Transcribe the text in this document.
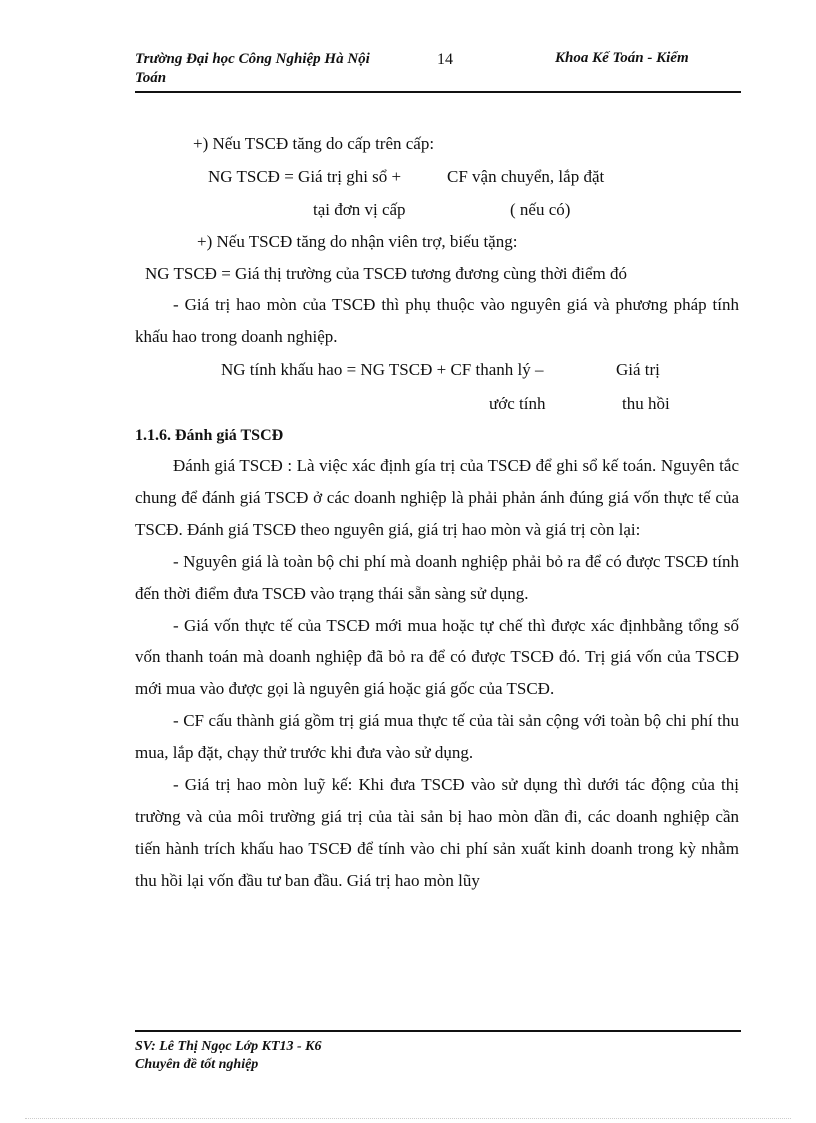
Trường Đại học Công Nghiệp Hà Nội
Toán
14	Khoa Kế Toán - Kiểm
+) Nếu TSCĐ tăng do cấp trên cấp:
NG TSCĐ = Giá trị ghi sổ +	CF vận chuyển, lắp đặt
tại đơn vị cấp	( nếu có)
+) Nếu TSCĐ tăng do nhận viên trợ, biếu tặng:
NG TSCĐ = Giá thị trường của TSCĐ tương đương cùng thời điểm đó

- Giá trị hao mòn của TSCĐ thì phụ thuộc vào nguyên giá và phương pháp tính khấu hao trong doanh nghiệp.

NG tính khấu hao = NG TSCĐ + CF thanh lý –	Giá trị
ước tính	thu hồi
1.1.6. Đánh giá TSCĐ

Đánh giá TSCĐ : Là việc xác định gía trị của TSCĐ để ghi sổ kế toán. Nguyên tắc chung để đánh giá TSCĐ ở các doanh nghiệp là phải phản ánh đúng giá vốn thực tế của TSCĐ. Đánh giá TSCĐ theo nguyên giá, giá trị hao mòn và giá trị còn lại:

- Nguyên giá là toàn bộ chi phí mà doanh nghiệp phải bỏ ra để có được TSCĐ tính đến thời điểm đưa TSCĐ vào trạng thái sẵn sàng sử dụng.

- Giá vốn thực tế của TSCĐ mới mua hoặc tự chế thì được xác địnhbằng tổng số vốn thanh toán mà doanh nghiệp đã bỏ ra để có được TSCĐ đó. Trị giá vốn của TSCĐ mới mua vào được gọi là nguyên giá hoặc giá gốc của TSCĐ.

- CF cấu thành giá gồm trị giá mua thực tế của tài sản cộng với toàn bộ chi phí thu mua, lắp đặt, chạy thử trước khi đưa vào sử dụng.

- Giá trị hao mòn luỹ kế: Khi đưa TSCĐ vào sử dụng thì dưới tác động của thị trường và của môi trường giá trị của tài sản bị hao mòn dần đi, các doanh nghiệp cần tiến hành trích khấu hao TSCĐ để tính vào chi phí sản xuất kinh doanh trong kỳ nhằm thu hồi lại vốn đầu tư ban đầu. Giá trị hao mòn lũy

SV: Lê Thị Ngọc Lớp KT13 - K6
Chuyên đề tốt nghiệp
